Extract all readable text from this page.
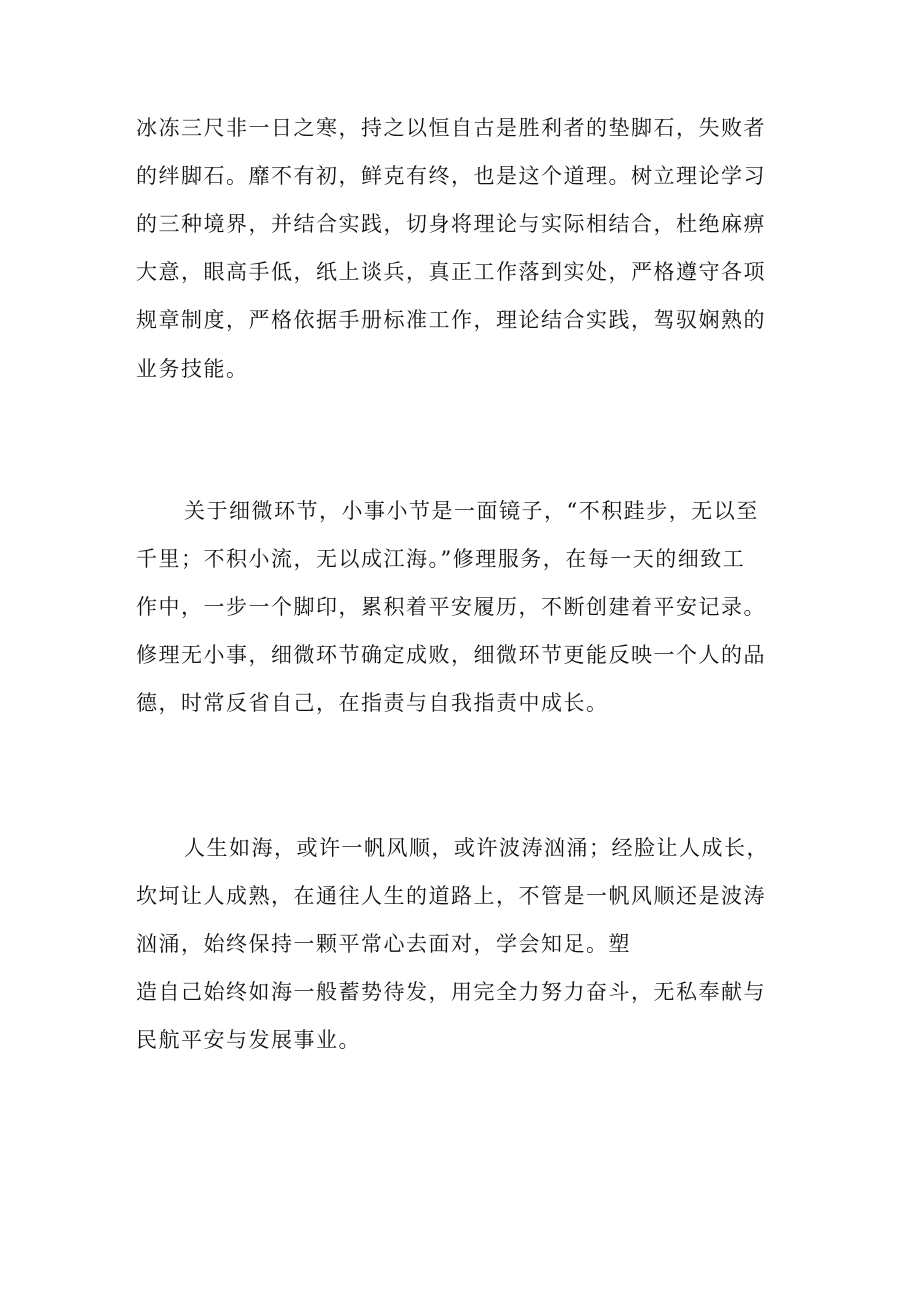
冰冻三尺非一日之寒，持之以恒自古是胜利者的垫脚石，失败者
的绊脚石。靡不有初，鲜克有终，也是这个道理。树立理论学习
的三种境界，并结合实践，切身将理论与实际相结合，杜绝麻痹
大意，眼高手低，纸上谈兵，真正工作落到实处，严格遵守各项
规章制度，严格依据手册标准工作，理论结合实践，驾驭娴熟的
业务技能。
关于细微环节，小事小节是一面镜子，“不积跬步，无以至
千里；不积小流，无以成江海。”修理服务，在每一天的细致工
作中，一步一个脚印，累积着平安履历，不断创建着平安记录。
修理无小事，细微环节确定成败，细微环节更能反映一个人的品
德，时常反省自己，在指责与自我指责中成长。
人生如海，或许一帆风顺，或许波涛汹涌；经脸让人成长，
坎坷让人成熟，在通往人生的道路上，不管是一帆风顺还是波涛
汹涌，始终保持一颗平常心去面对，学会知足。塑
造自己始终如海一般蓄势待发，用完全力努力奋斗，无私奉献与
民航平安与发展事业。
